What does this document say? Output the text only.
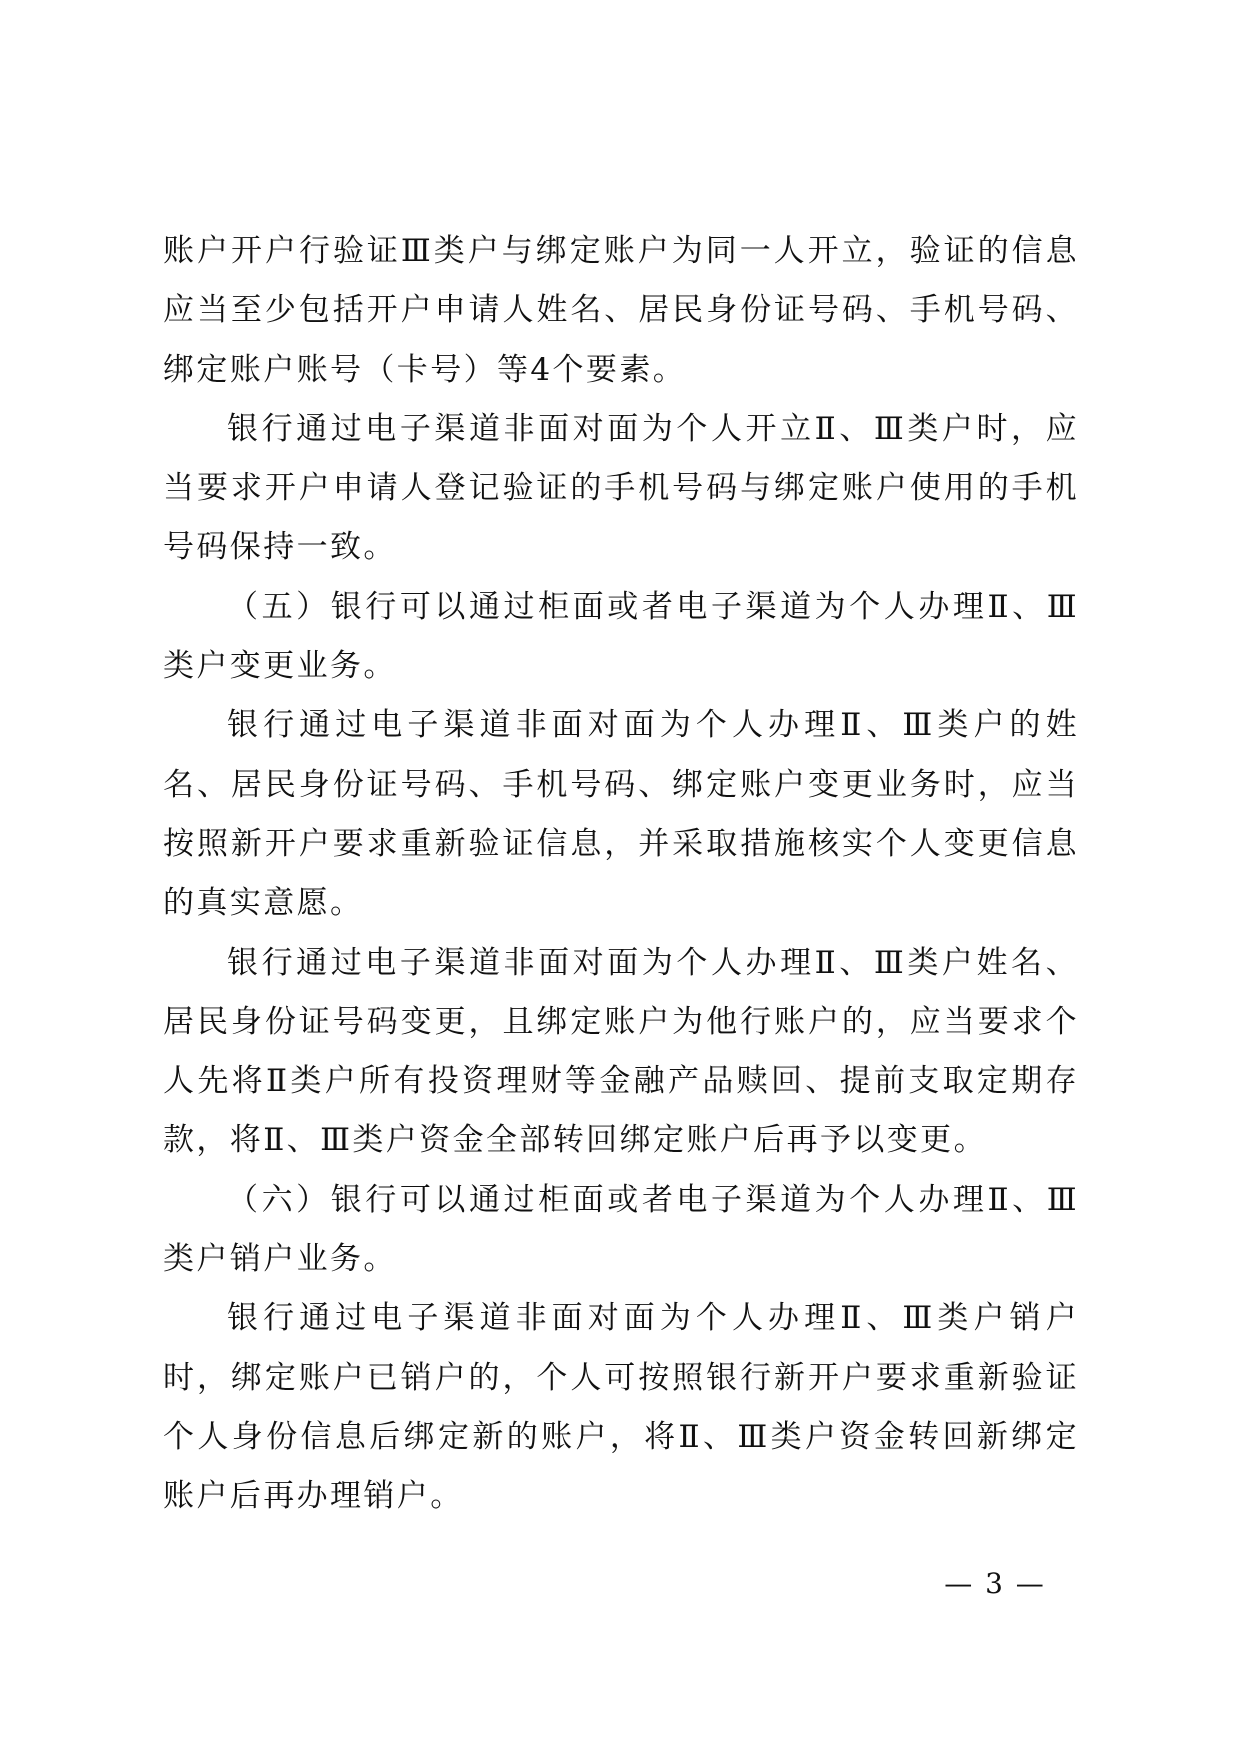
账户开户行验证Ⅲ类户与绑定账户为同一人开立，验证的信息应当至少包括开户申请人姓名、居民身份证号码、手机号码、绑定账户账号（卡号）等4个要素。

银行通过电子渠道非面对面为个人开立Ⅱ、Ⅲ类户时，应当要求开户申请人登记验证的手机号码与绑定账户使用的手机号码保持一致。

（五）银行可以通过柜面或者电子渠道为个人办理Ⅱ、Ⅲ类户变更业务。

银行通过电子渠道非面对面为个人办理Ⅱ、Ⅲ类户的姓名、居民身份证号码、手机号码、绑定账户变更业务时，应当按照新开户要求重新验证信息，并采取措施核实个人变更信息的真实意愿。

银行通过电子渠道非面对面为个人办理Ⅱ、Ⅲ类户姓名、居民身份证号码变更，且绑定账户为他行账户的，应当要求个人先将Ⅱ类户所有投资理财等金融产品赎回、提前支取定期存款，将Ⅱ、Ⅲ类户资金全部转回绑定账户后再予以变更。

（六）银行可以通过柜面或者电子渠道为个人办理Ⅱ、Ⅲ类户销户业务。

银行通过电子渠道非面对面为个人办理Ⅱ、Ⅲ类户销户时，绑定账户已销户的，个人可按照银行新开户要求重新验证个人身份信息后绑定新的账户，将Ⅱ、Ⅲ类户资金转回新绑定账户后再办理销户。

— 3 —
